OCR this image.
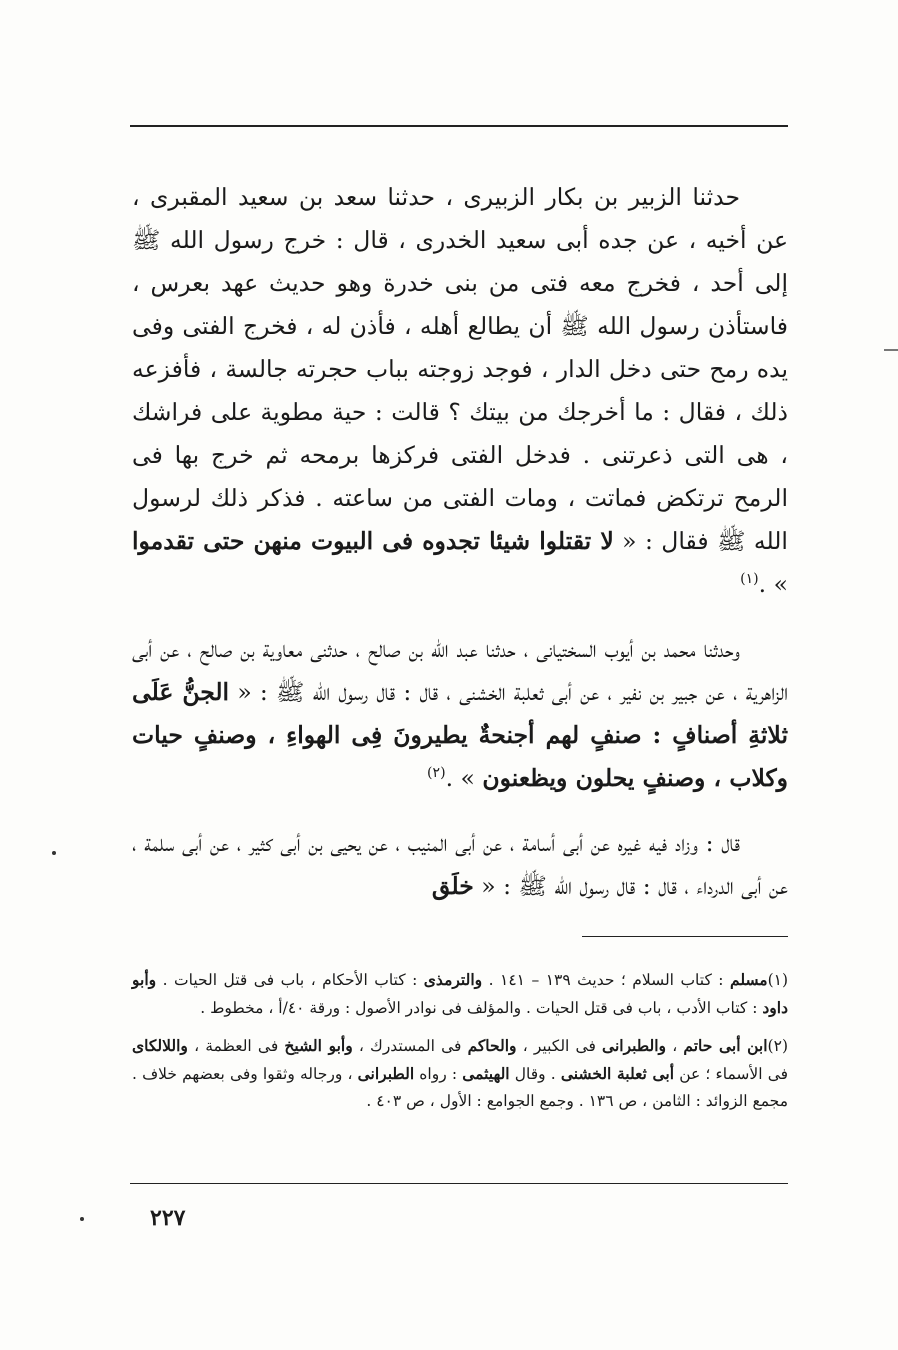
حدثنا الزبير بن بكار الزبيرى ، حدثنا سعد بن سعيد المقبرى ، عن أخيه ، عن جده أبى سعيد الخدرى ، قال : خرج رسول الله ﷺ إلى أحد ، فخرج معه فتى من بنى خدرة وهو حديث عهد بعرس ، فاستأذن رسول الله ﷺ أن يطالع أهله ، فأذن له ، فخرج الفتى وفى يده رمح حتى دخل الدار ، فوجد زوجته بباب حجرته جالسة ، فأفزعه ذلك ، فقال : ما أخرجك من بيتك ؟ قالت : حية مطوية على فراشك ، هى التى ذعرتنى . فدخل الفتى فركزها برمحه ثم خرج بها فى الرمح ترتكض فماتت ، ومات الفتى من ساعته . فذكر ذلك لرسول الله ﷺ فقال : « لا تقتلوا شيئا تجدوه فى البيوت منهن حتى تقدموا » .$^{(١)}$

وحدثنا محمد بن أيوب السختيانى ، حدثنا عبد الله بن صالح ، حدثنى معاوية بن صالح ، عن أبى الزاهرية ، عن جبير بن نفير ، عن أبى ثعلبة الخشنى ، قال : قال رسول الله ﷺ : « الجنُّ عَلَى ثلاثةِ أصنافٍ : صنفٍ لهم أجنحةٌ يطيرونَ فِى الهواءِ ، وصنفٍ حيات وكلاب ، وصنفٍ يحلون ويظعنون » .$^{(٢)}$

قال : وزاد فيه غيره عن أبى أسامة ، عن أبى المنيب ، عن يحيى بن أبى كثير ، عن أبى سلمة ، عن أبى الدرداء ، قال : قال رسول الله ﷺ : « خلَق

(١)مسلم : كتاب السلام ؛ حديث ١٣٩ – ١٤١ . والترمذى : كتاب الأحكام ، باب فى قتل الحيات . وأبو داود : كتاب الأدب ، باب فى قتل الحيات . والمؤلف فى نوادر الأصول : ورقة ٤٠/أ ، مخطوط .

(٢)ابن أبى حاتم ، والطبرانى فى الكبير ، والحاكم فى المستدرك ، وأبو الشيخ فى العظمة ، واللالكاى فى الأسماء ؛ عن أبى ثعلبة الخشنى . وقال الهيثمى : رواه الطبرانى ، ورجاله وثقوا وفى بعضهم خلاف . مجمع الزوائد : الثامن ، ص ١٣٦ . وجمع الجوامع : الأول ، ص ٤٠٣ .

٢٢٧
